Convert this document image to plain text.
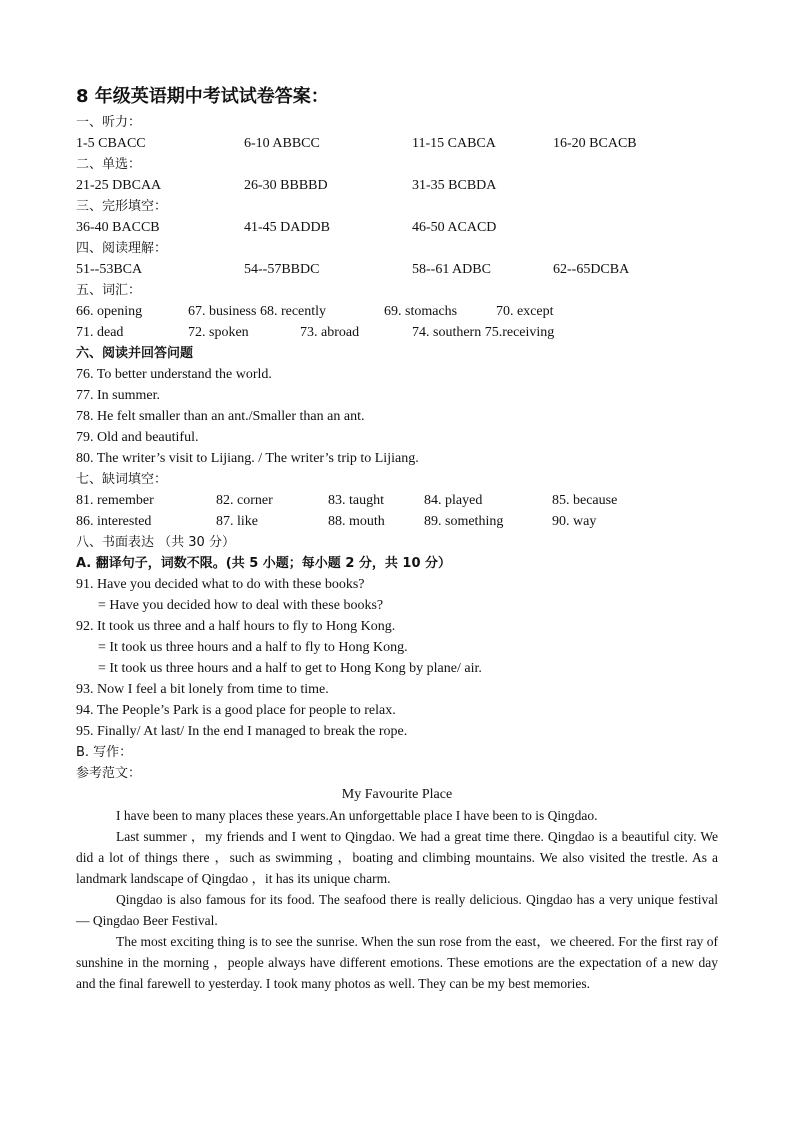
8 年级英语期中考试试卷答案：
一、听力：
1-5 CBACC	6-10 ABBCC	11-15 CABCA	16-20 BCACB
二、单选：
21-25 DBCAA	26-30 BBBBD	31-35 BCBDA
三、完形填空：
36-40 BACCB	41-45 DADDB	46-50 ACACD
四、阅读理解：
51--53BCA	54--57BBDC	58--61 ADBC	62--65DCBA
五、词汇：
66. opening	67. business 68. recently	69. stomachs	70. except
71. dead	72. spoken	73. abroad	74. southern 75.receiving
六、阅读并回答问题
76. To better understand the world.
77. In summer.
78. He felt smaller than an ant./Smaller than an ant.
79. Old and beautiful.
80. The writer’s visit to Lijiang. / The writer’s trip to Lijiang.
七、缺词填空：
81. remember	82. corner	83. taught	84. played	85. because
86. interested	87. like	88. mouth	89. something	90. way
八、书面表达 （共 30 分）
A. 翻译句子，词数不限。(共 5 小题；每小题 2 分，共 10 分）
91. Have you decided what to do with these books?
= Have you decided how to deal with these books?
92. It took us three and a half hours to fly to Hong Kong.
= It took us three hours and a half to fly to Hong Kong.
= It took us three hours and a half to get to Hong Kong by plane/ air.
93. Now I feel a bit lonely from time to time.
94. The People’s Park is a good place for people to relax.
95. Finally/ At last/ In the end I managed to break the rope.
B. 写作：
参考范文：
My Favourite Place

I have been to many places these years.An unforgettable place I have been to is Qingdao.

Last summer ，my friends and I went to Qingdao. We had a great time there. Qingdao is a beautiful city. We did a lot of things there ，such as swimming ，boating and climbing mountains. We also visited the trestle. As a landmark landscape of Qingdao ，it has its unique charm.

Qingdao is also famous for its food. The seafood there is really delicious. Qingdao has a very unique festival — Qingdao Beer Festival.

The most exciting thing is to see the sunrise. When the sun rose from the east，we cheered. For the first ray of sunshine in the morning ，people always have different emotions. These emotions are the expectation of a new day and the final farewell to yesterday. I took many photos as well. They can be my best memories.
